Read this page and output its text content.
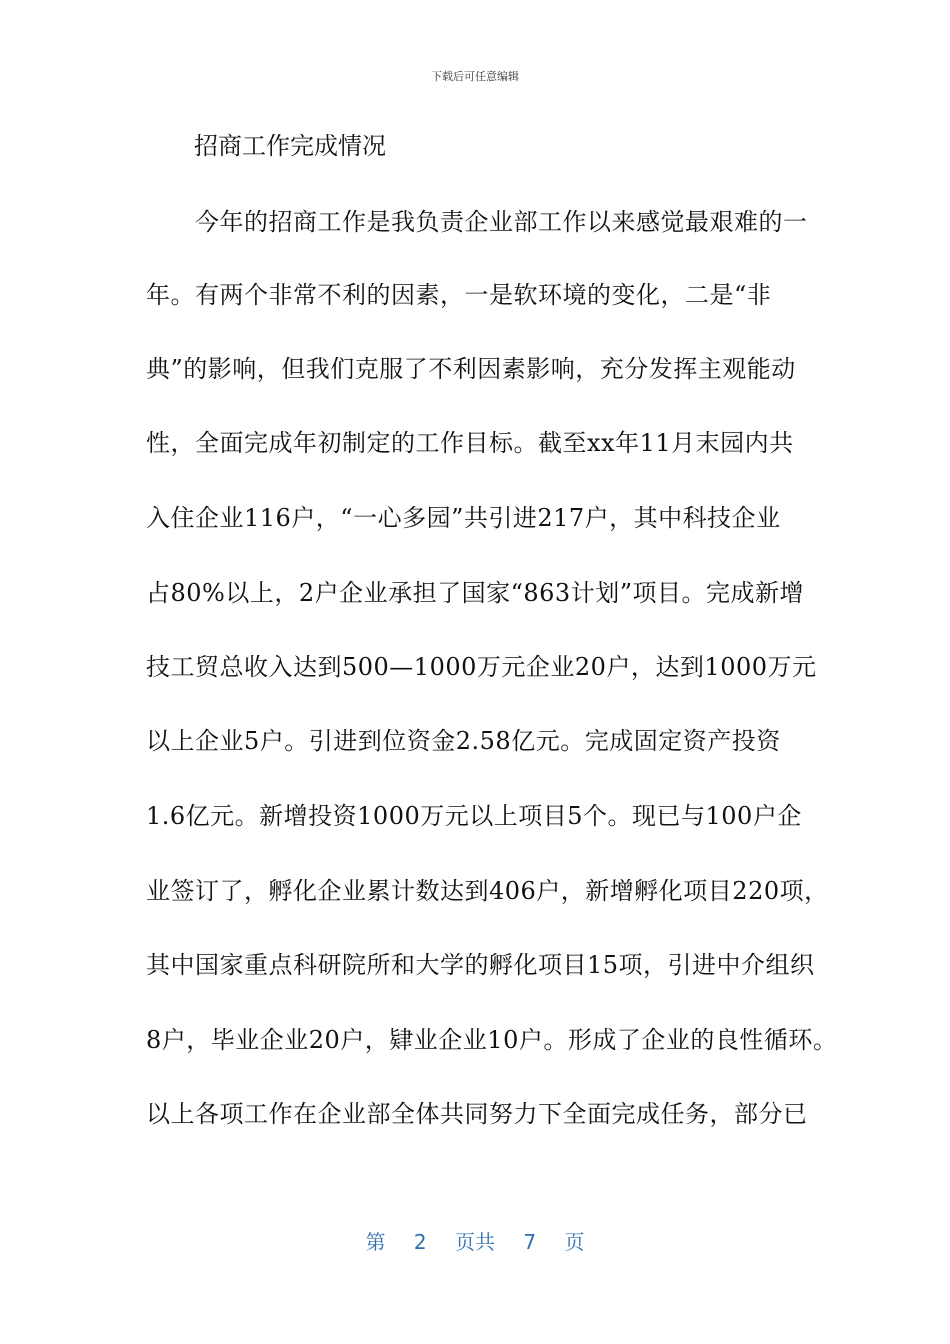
下载后可任意编辑
招商工作完成情况
　　今年的招商工作是我负责企业部工作以来感觉最艰难的一
年。有两个非常不利的因素，一是软环境的变化，二是“非
典”的影响，但我们克服了不利因素影响，充分发挥主观能动
性，全面完成年初制定的工作目标。截至xx年11月末园内共
入住企业116户，“一心多园”共引进217户，其中科技企业
占80%以上，2户企业承担了国家“863计划”项目。完成新增
技工贸总收入达到500—1000万元企业20户，达到1000万元
以上企业5户。引进到位资金2.58亿元。完成固定资产投资
1.6亿元。新增投资1000万元以上项目5个。现已与100户企
业签订了，孵化企业累计数达到406户，新增孵化项目220项，
其中国家重点科研院所和大学的孵化项目15项，引进中介组织
8户，毕业企业20户，肄业企业10户。形成了企业的良性循环。
以上各项工作在企业部全体共同努力下全面完成任务，部分已
第 2 页共 7 页
